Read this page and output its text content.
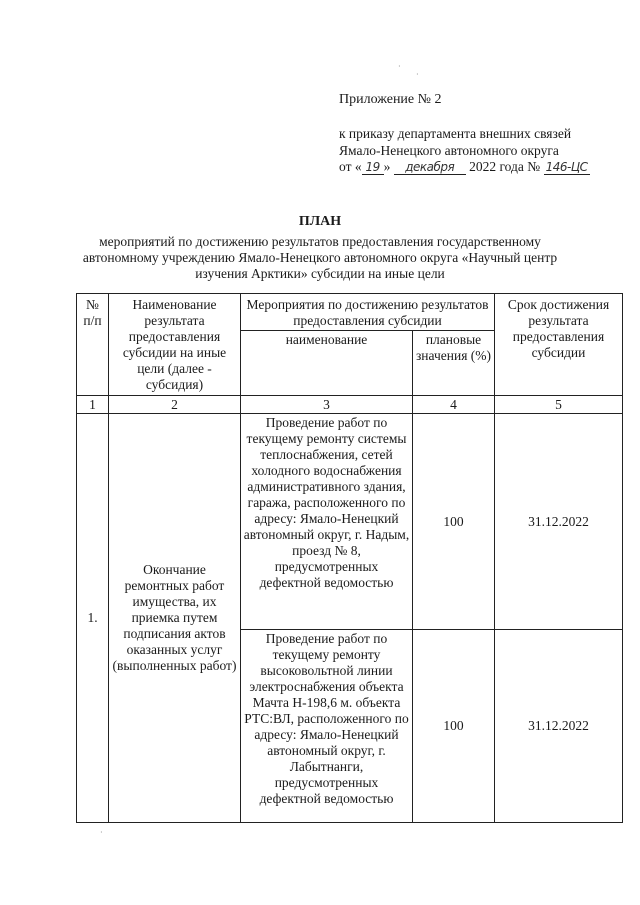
Приложение № 2
к приказу департамента внешних связей
Ямало-Ненецкого автономного округа
от « 19 » декабря 2022 года № 146-ЦС
·
·
ПЛАН
мероприятий по достижению результатов предоставления государственному
автономному учреждению Ямало-Ненецкого автономного округа «Научный центр
изучения Арктики» субсидии на иные цели
№ п/п	Наименование результата предоставления субсидии на иные цели (далее - субсидия)	Мероприятия по достижению результатов предоставления субсидии		Срок достижения результата предоставления субсидии
		наименование	плановые значения (%)	
1	2	3	4	5
1.	Окончание ремонтных работ имущества, их приемка путем подписания актов оказанных услуг (выполненных работ)	Проведение работ по текущему ремонту системы теплоснабжения, сетей холодного водоснабжения административного здания, гаража, расположенного по адресу: Ямало-Ненецкий автономный округ, г. Надым, проезд № 8, предусмотренных дефектной ведомостью	100	31.12.2022
		Проведение работ по текущему ремонту высоковольтной линии электроснабжения объекта Мачта Н-198,6 м. объекта РТС:ВЛ, расположенного по адресу: Ямало-Ненецкий автономный округ, г. Лабытнанги, предусмотренных дефектной ведомостью	100	31.12.2022
·
